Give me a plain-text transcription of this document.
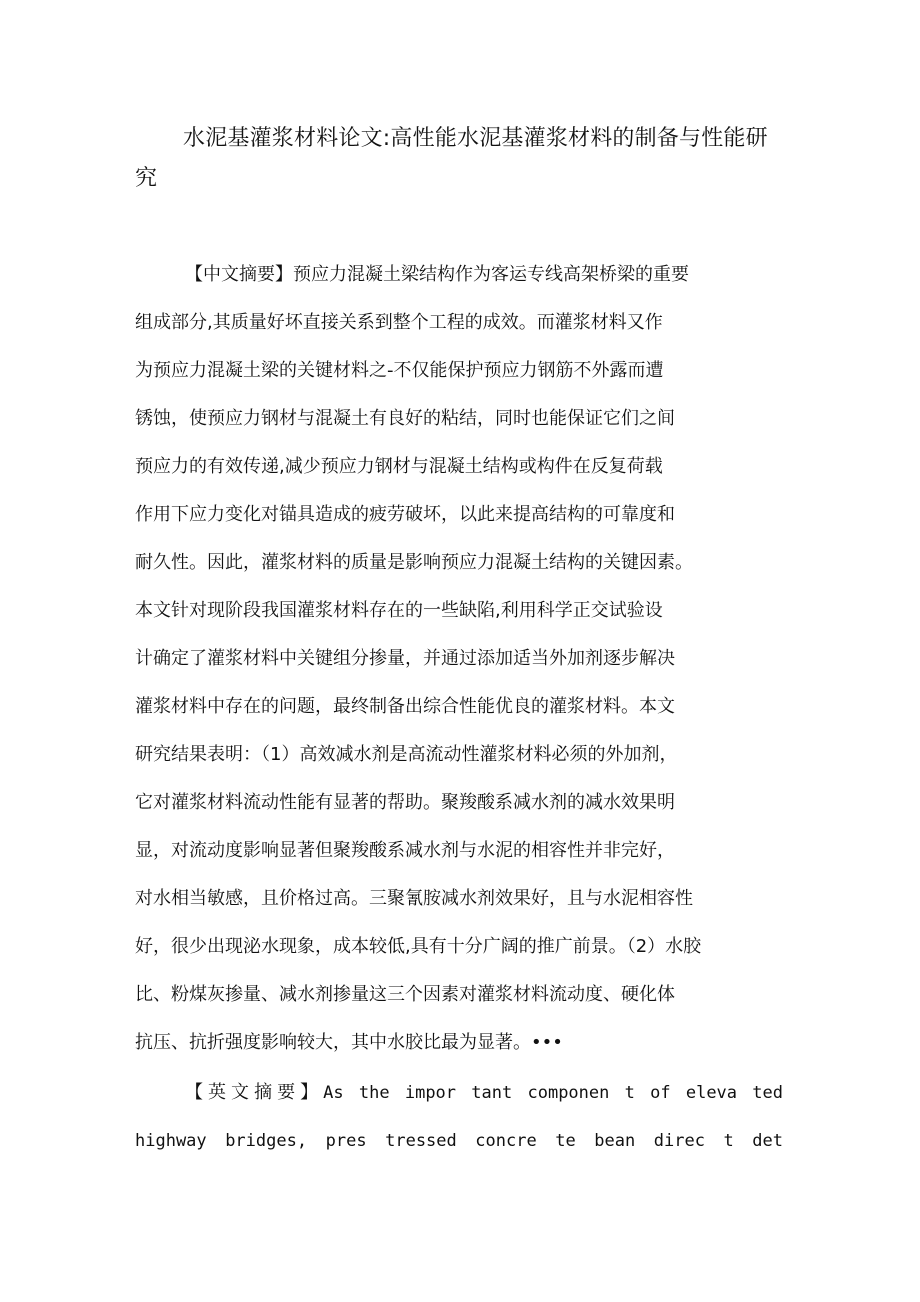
水泥基灌浆材料论文:高性能水泥基灌浆材料的制备与性能研究

【中文摘要】预应力混凝土梁结构作为客运专线高架桥梁的重要

组成部分,其质量好坏直接关系到整个工程的成效。而灌浆材料又作

为预应力混凝土梁的关键材料之-不仅能保护预应力钢筋不外露而遭

锈蚀，使预应力钢材与混凝土有良好的粘结，同时也能保证它们之间

预应力的有效传递,减少预应力钢材与混凝土结构或构件在反复荷载

作用下应力变化对锚具造成的疲劳破坏，以此来提高结构的可靠度和

耐久性。因此，灌浆材料的质量是影响预应力混凝土结构的关键因素。

本文针对现阶段我国灌浆材料存在的一些缺陷,利用科学正交试验设

计确定了灌浆材料中关键组分掺量，并通过添加适当外加剂逐步解决

灌浆材料中存在的问题，最终制备出综合性能优良的灌浆材料。本文

研究结果表明：（1）高效减水剂是高流动性灌浆材料必须的外加剂，

它对灌浆材料流动性能有显著的帮助。聚羧酸系减水剂的减水效果明

显，对流动度影响显著但聚羧酸系减水剂与水泥的相容性并非完好，

对水相当敏感，且价格过高。三聚氰胺减水剂效果好，且与水泥相容性

好，很少出现泌水现象，成本较低,具有十分广阔的推广前景。（2）水胶

比、粉煤灰掺量、减水剂掺量这三个因素对灌浆材料流动度、硬化体

抗压、抗折强度影响较大，其中水胶比最为显著。•••

【英文摘要】As the impor tant componen t of eleva ted

highway bridges, pres tressed concre te bean direc t det
